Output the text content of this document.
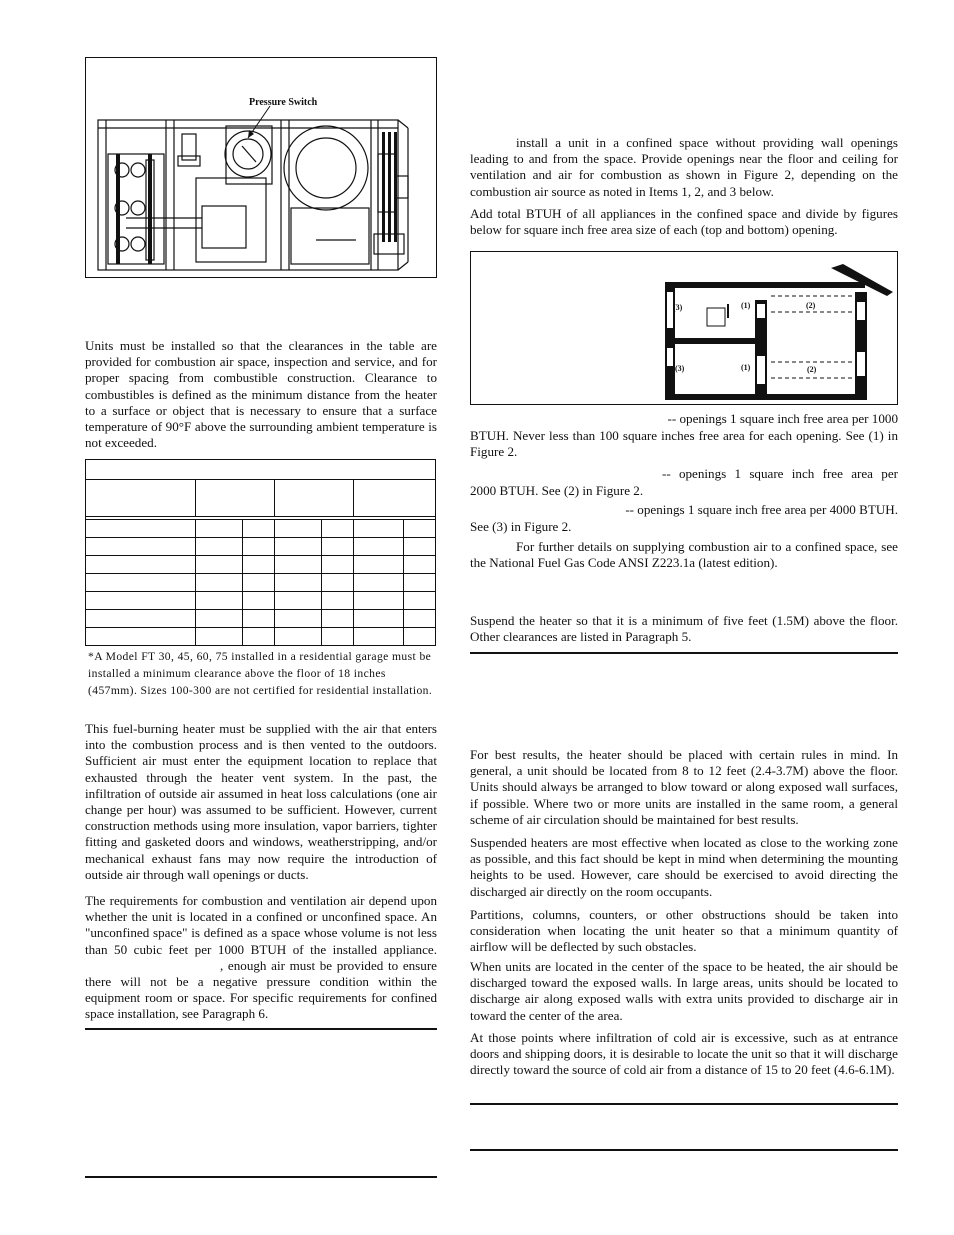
Pressure Switch

Units must be installed so that the clearances in the table are provided for combustion air space, inspection and service, and for proper spacing from combustible construction. Clearance to combustibles is defined as the minimum distance from the heater to a surface or object that is necessary to ensure that a surface temperature of 90°F above the surrounding ambient temperature is not exceeded.

*A Model FT 30, 45, 60, 75 installed in a residential garage must be installed a minimum clearance above the floor of 18 inches (457mm). Sizes 100-300 are not certified for residential installation.

This fuel-burning heater must be supplied with the air that enters into the combustion process and is then vented to the outdoors. Sufficient air must enter the equipment location to replace that exhausted through the heater vent system. In the past, the infiltration of outside air assumed in heat loss calculations (one air change per hour) was assumed to be sufficient. However, current construction methods using more insulation, vapor barriers, tighter fitting and gasketed doors and windows, weatherstripping, and/or mechanical exhaust fans may now require the introduction of outside air through wall openings or ducts.

The requirements for combustion and ventilation air depend upon whether the unit is located in a confined or unconfined space. An "unconfined space" is defined as a space whose volume is not less than 50 cubic feet per 1000 BTUH of the installed appliance., enough air must be provided to ensure there will not be a negative pressure condition within the equipment room or space. For specific requirements for confined space installation, see Paragraph 6.

install a unit in a confined space without providing wall openings leading to and from the space. Provide openings near the floor and ceiling for ventilation and air for combustion as shown in Figure 2, depending on the combustion air source as noted in Items 1, 2, and 3 below.

Add total BTUH of all appliances in the confined space and divide by figures below for square inch free area size of each (top and bottom) opening.

(3)	(1)	(2)
(3)	(1)	(2)
-- openings 1 square inch free area per 1000

BTUH. Never less than 100 square inches free area for each opening. See (1) in Figure 2.

-- openings 1 square inch free area per

2000 BTUH. See (2) in Figure 2.

-- openings 1 square inch free area per 4000 BTUH.

See (3) in Figure 2.

For further details on supplying combustion air to a confined space, see the National Fuel Gas Code ANSI Z223.1a (latest edition).

Suspend the heater so that it is a minimum of five feet (1.5M) above the floor. Other clearances are listed in Paragraph 5.

For best results, the heater should be placed with certain rules in mind. In general, a unit should be located from 8 to 12 feet (2.4-3.7M) above the floor. Units should always be arranged to blow toward or along exposed wall surfaces, if possible. Where two or more units are installed in the same room, a general scheme of air circulation should be maintained for best results.

Suspended heaters are most effective when located as close to the working zone as possible, and this fact should be kept in mind when determining the mounting heights to be used. However, care should be exercised to avoid directing the discharged air directly on the room occupants.

Partitions, columns, counters, or other obstructions should be taken into consideration when locating the unit heater so that a minimum quantity of airflow will be deflected by such obstacles.

When units are located in the center of the space to be heated, the air should be discharged toward the exposed walls. In large areas, units should be located to discharge air along exposed walls with extra units provided to discharge air in toward the center of the area.

At those points where infiltration of cold air is excessive, such as at entrance doors and shipping doors, it is desirable to locate the unit so that it will discharge directly toward the source of cold air from a distance of 15 to 20 feet (4.6-6.1M).
